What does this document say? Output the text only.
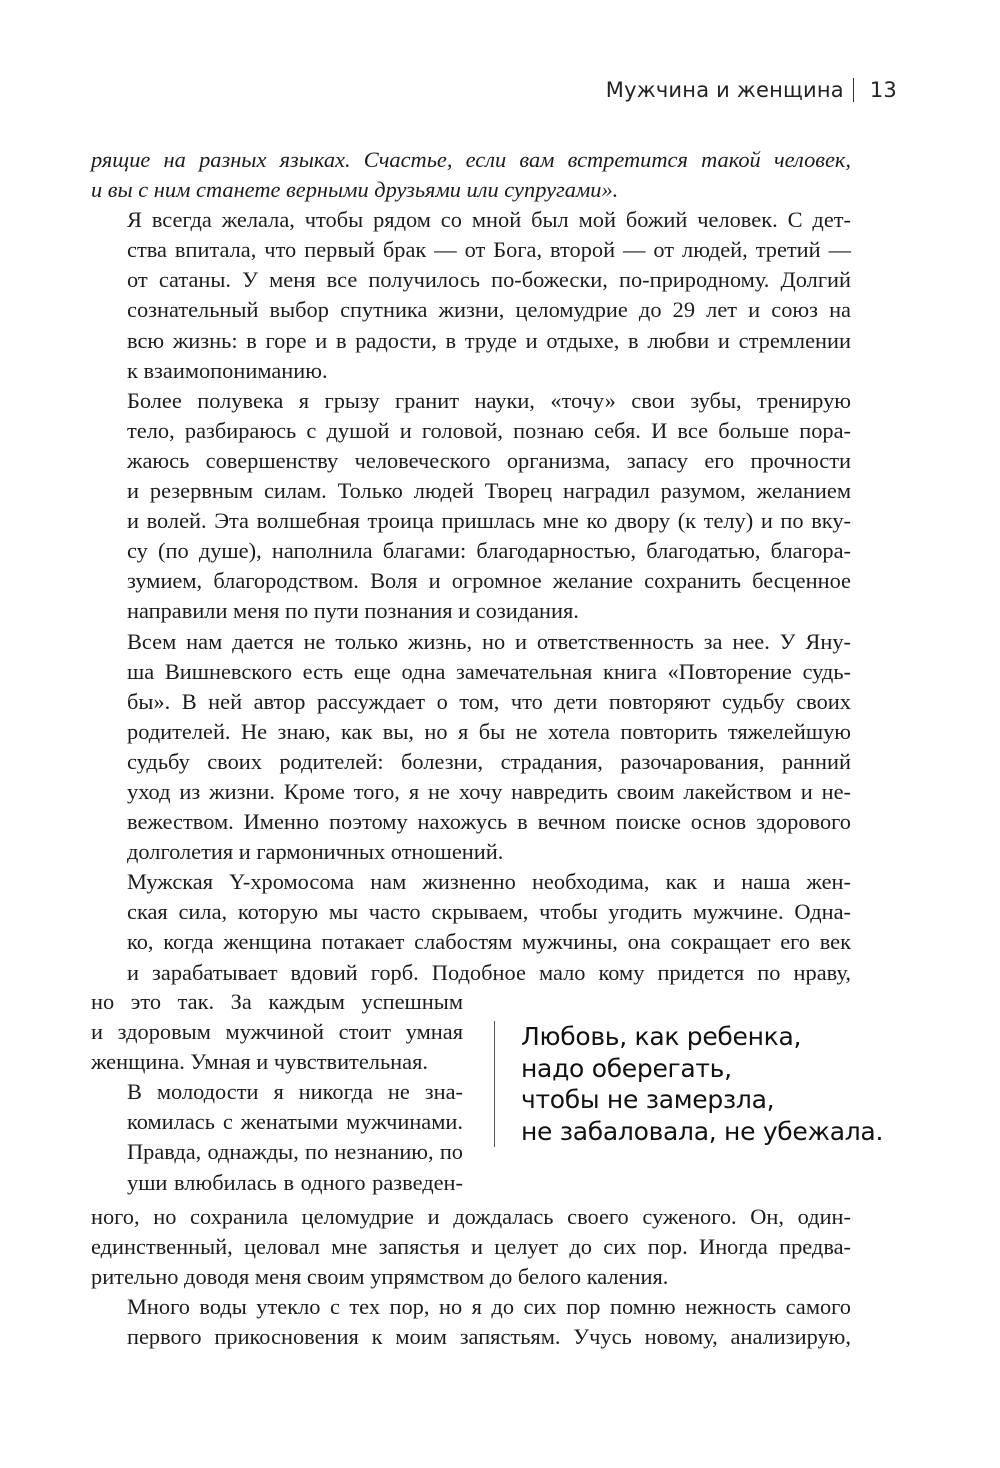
Мужчина и женщина 13

рящие на разных языках. Счастье, если вам встретится такой человек,
и вы с ним станете верными друзьями или супругами».

Я всегда желала, чтобы рядом со мной был мой божий человек. С дет-
ства впитала, что первый брак — от Бога, второй — от людей, третий —
от сатаны. У меня все получилось по-божески, по-природному. Долгий
сознательный выбор спутника жизни, целомудрие до 29 лет и союз на
всю жизнь: в горе и в радости, в труде и отдыхе, в любви и стремлении
к взаимопониманию.

Более полувека я грызу гранит науки, «точу» свои зубы, тренирую
тело, разбираюсь с душой и головой, познаю себя. И все больше пора-
жаюсь совершенству человеческого организма, запасу его прочности
и резервным силам. Только людей Творец наградил разумом, желанием
и волей. Эта волшебная троица пришлась мне ко двору (к телу) и по вку-
су (по душе), наполнила благами: благодарностью, благодатью, благора-
зумием, благородством. Воля и огромное желание сохранить бесценное
направили меня по пути познания и созидания.

Всем нам дается не только жизнь, но и ответственность за нее. У Яну-
ша Вишневского есть еще одна замечательная книга «Повторение судь-
бы». В ней автор рассуждает о том, что дети повторяют судьбу своих
родителей. Не знаю, как вы, но я бы не хотела повторить тяжелейшую
судьбу своих родителей: болезни, страдания, разочарования, ранний
уход из жизни. Кроме того, я не хочу навредить своим лакейством и не-
вежеством. Именно поэтому нахожусь в вечном поиске основ здорового
долголетия и гармоничных отношений.

Мужская Y-хромосома нам жизненно необходима, как и наша жен-
ская сила, которую мы часто скрываем, чтобы угодить мужчине. Одна-
ко, когда женщина потакает слабостям мужчины, она сокращает его век
и зарабатывает вдовий горб. Подобное мало кому придется по нраву,

но это так. За каждым успешным
и здоровым мужчиной стоит умная
женщина. Умная и чувствительная.

В молодости я никогда не зна-
комилась с женатыми мужчинами.
Правда, однажды, по незнанию, по
уши влюбилась в одного разведен-

Любовь, как ребенка,
надо оберегать,
чтобы не замерзла,
не забаловала, не убежала.

ного, но сохранила целомудрие и дождалась своего суженого. Он, один-
единственный, целовал мне запястья и целует до сих пор. Иногда предва-
рительно доводя меня своим упрямством до белого каления.

Много воды утекло с тех пор, но я до сих пор помню нежность самого
первого прикосновения к моим запястьям. Учусь новому, анализирую,
